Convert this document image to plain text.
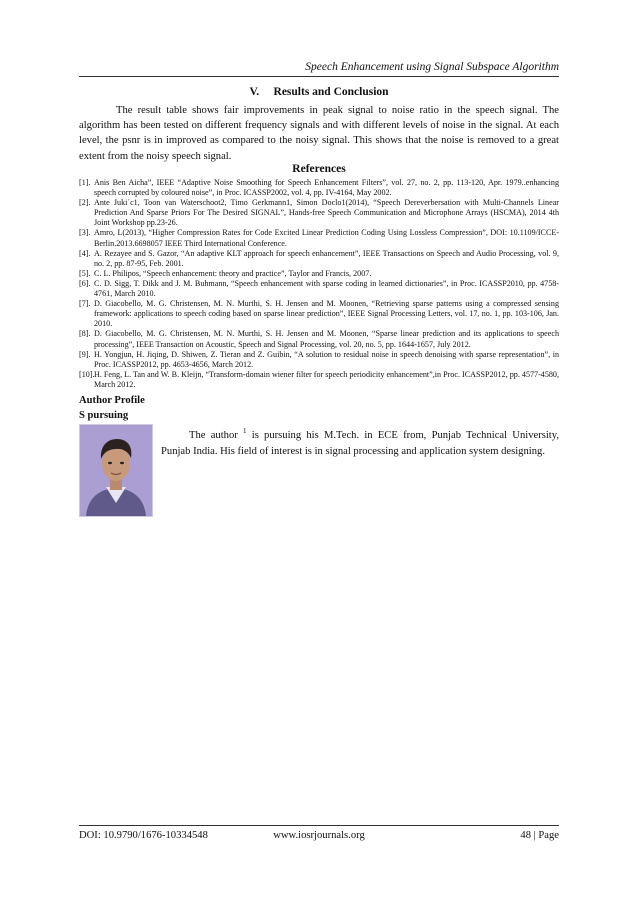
Speech Enhancement using Signal Subspace Algorithm
V.  Results and Conclusion

The result table shows fair improvements in peak signal to noise ratio in the speech signal. The algorithm has been tested on different frequency signals and with different levels of noise in the signal. At each level, the psnr is in improved as compared to the noisy signal. This shows that the noise is removed to a great extent from the noisy speech signal.

References
[1]. Anis Ben Aicha”, IEEE “Adaptive Noise Smoothing for Speech Enhancement Filters”, vol. 27, no. 2, pp. 113-120, Apr. 1979..enhancing speech corrupted by coloured noise”, in Proc. ICASSP2002, vol. 4, pp. IV-4164, May 2002.
[2]. Ante Juki´c1, Toon van Waterschoot2, Timo Gerkmann1, Simon Doclo1(2014), “Speech Dereverbersation with Multi-Channels Linear Prediction And Sparse Priors For The Desired SIGNAL”, Hands-free Speech Communication and Microphone Arrays (HSCMA), 2014 4th Joint Workshop pp.23-26.
[3]. Amro, L(2013), “Higher Compression Rates for Code Excited Linear Prediction Coding Using Lossless Compression”, DOI: 10.1109/ICCE-Berlin.2013.6698057 IEEE Third International Conference.
[4]. A. Rezayee and S. Gazor, “An adaptive KLT approach for speech enhancement”, IEEE Transactions on Speech and Audio Processing, vol. 9, no. 2, pp. 87-95, Feb. 2001.
[5]. C. L. Philipos, “Speech enhancement: theory and practice”, Taylor and Francis, 2007.
[6]. C. D. Sigg, T. Dikk and J. M. Buhmann, “Speech enhancement with sparse coding in learned dictionaries”, in Proc. ICASSP2010, pp. 4758-4761, March 2010.
[7]. D. Giacobello, M. G. Christensen, M. N. Murthi, S. H. Jensen and M. Moonen, “Retrieving sparse patterns using a compressed sensing framework: applications to speech coding based on sparse linear prediction”, IEEE Signal Processing Letters, vol. 17, no. 1, pp. 103-106, Jan. 2010.
[8]. D. Giacobello, M. G. Christensen, M. N. Murthi, S. H. Jensen and M. Moonen, “Sparse linear prediction and its applications to speech processing”, IEEE Transaction on Acoustic, Speech and Signal Processing, vol. 20, no. 5, pp. 1644-1657, July 2012.
[9]. H. Yongjun, H. Jiqing, D. Shiwen, Z. Tieran and Z. Guibin, “A solution to residual noise in speech denoising with sparse representation”, in Proc. ICASSP2012, pp. 4653-4656, March 2012.
[10]. H. Feng, L. Tan and W. B. Kleijn, “Transform-domain wiener filter for speech periodicity enhancement”,in Proc. ICASSP2012, pp. 4577-4580, March 2012.
Author Profile
S pursuing

The author $^1$ is pursuing his M.Tech. in ECE from, Punjab Technical University, Punjab India. His field of interest is in signal processing and application system designing.

DOI: 10.9790/1676-10334548	www.iosrjournals.org	48 | Page
